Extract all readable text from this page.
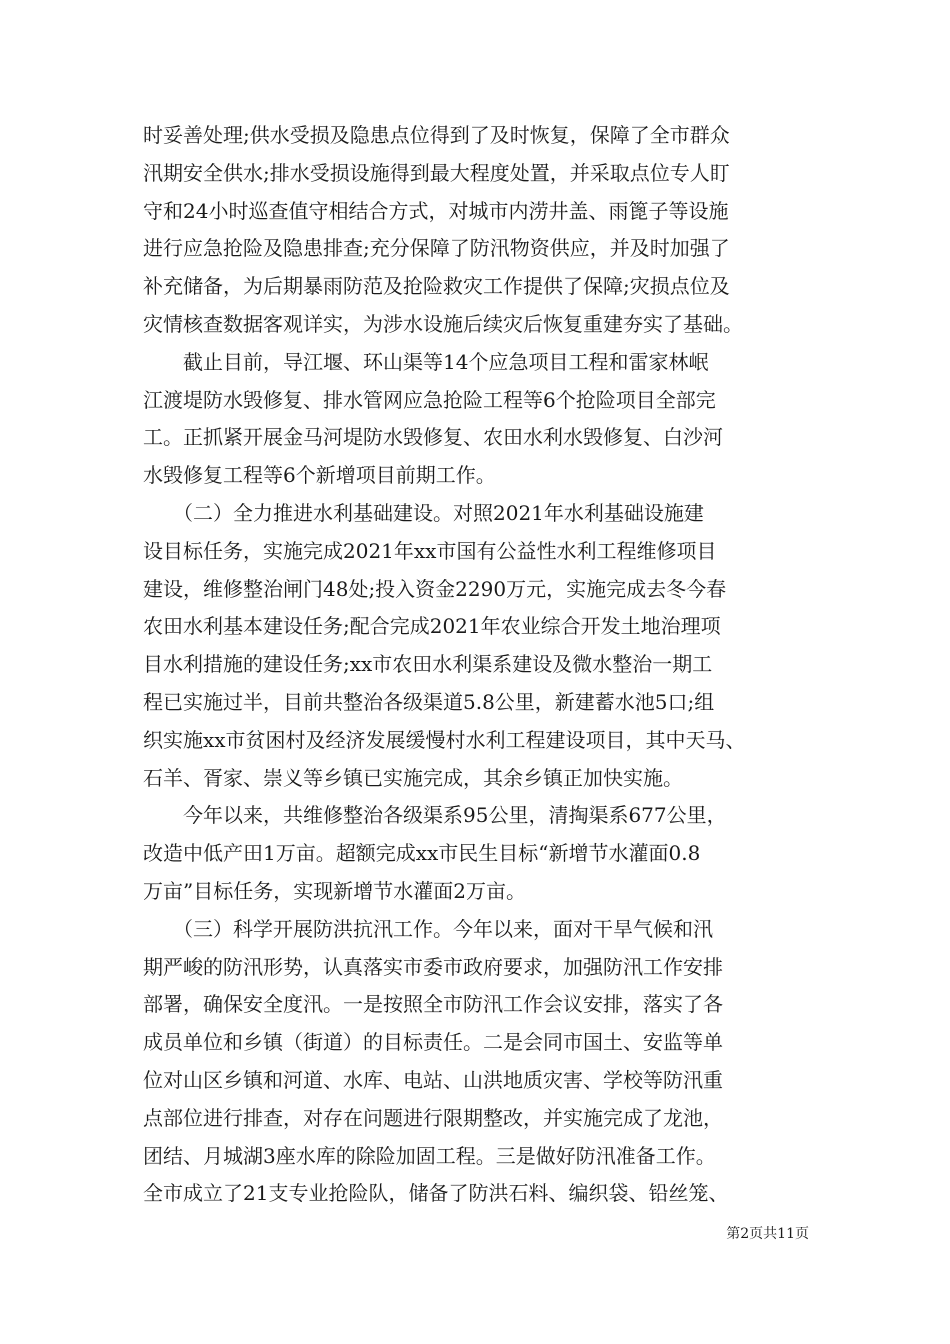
时妥善处理;供水受损及隐患点位得到了及时恢复，保障了全市群众
汛期安全供水;排水受损设施得到最大程度处置，并采取点位专人盯
守和24小时巡查值守相结合方式，对城市内涝井盖、雨篦子等设施
进行应急抢险及隐患排查;充分保障了防汛物资供应，并及时加强了
补充储备，为后期暴雨防范及抢险救灾工作提供了保障;灾损点位及
灾情核查数据客观详实，为涉水设施后续灾后恢复重建夯实了基础。
　　截止目前，导江堰、环山渠等14个应急项目工程和雷家林岷
江渡堤防水毁修复、排水管网应急抢险工程等6个抢险项目全部完
工。正抓紧开展金马河堤防水毁修复、农田水利水毁修复、白沙河
水毁修复工程等6个新增项目前期工作。
　　（二）全力推进水利基础建设。对照2021年水利基础设施建
设目标任务，实施完成2021年xx市国有公益性水利工程维修项目
建设，维修整治闸门48处;投入资金2290万元，实施完成去冬今春
农田水利基本建设任务;配合完成2021年农业综合开发土地治理项
目水利措施的建设任务;xx市农田水利渠系建设及微水整治一期工
程已实施过半，目前共整治各级渠道5.8公里，新建蓄水池5口;组
织实施xx市贫困村及经济发展缓慢村水利工程建设项目，其中天马、
石羊、胥家、崇义等乡镇已实施完成，其余乡镇正加快实施。
　　今年以来，共维修整治各级渠系95公里，清掏渠系677公里，
改造中低产田1万亩。超额完成xx市民生目标“新增节水灌面0.8
万亩”目标任务，实现新增节水灌面2万亩。
　　（三）科学开展防洪抗汛工作。今年以来，面对干旱气候和汛
期严峻的防汛形势，认真落实市委市政府要求，加强防汛工作安排
部署，确保安全度汛。一是按照全市防汛工作会议安排，落实了各
成员单位和乡镇（街道）的目标责任。二是会同市国土、安监等单
位对山区乡镇和河道、水库、电站、山洪地质灾害、学校等防汛重
点部位进行排查，对存在问题进行限期整改，并实施完成了龙池，
团结、月城湖3座水库的除险加固工程。三是做好防汛准备工作。
全市成立了21支专业抢险队，储备了防洪石料、编织袋、铅丝笼、
第2页共11页
